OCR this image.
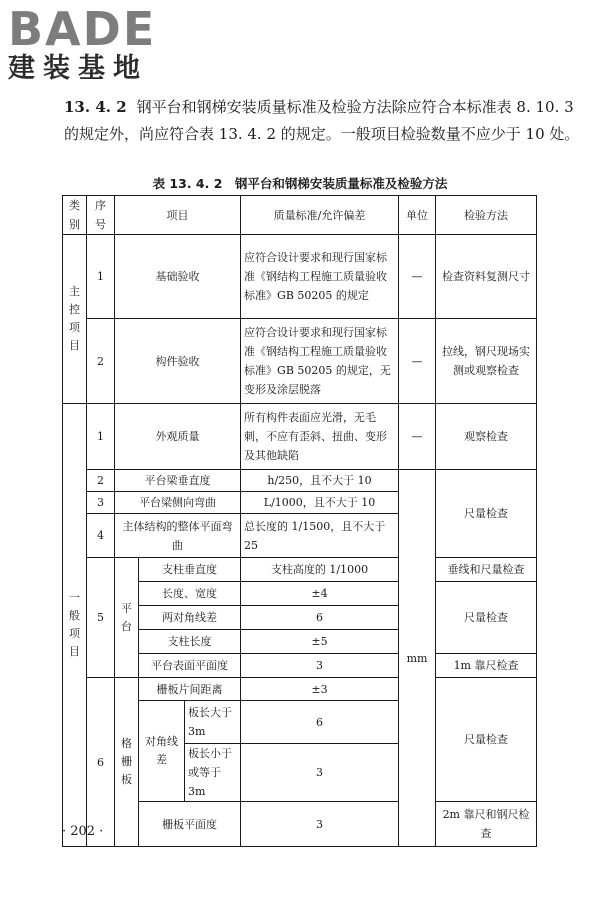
BADE
建装基地

13. 4. 2 钢平台和钢梯安装质量标准及检验方法除应符合本标准表 8. 10. 3 的规定外，尚应符合表 13. 4. 2 的规定。一般项目检验数量不应少于 10 处。

表 13. 4. 2　钢平台和钢梯安装质量标准及检验方法
类别	序号	项目			质量标准/允许偏差	单位	检验方法
主控项目	1	基础验收			应符合设计要求和现行国家标准《钢结构工程施工质量验收标准》GB 50205 的规定	—	检查资料复测尺寸
	2	构件验收			应符合设计要求和现行国家标准《钢结构工程施工质量验收标准》GB 50205 的规定，无变形及涂层脱落	—	拉线，钢尺现场实测或观察检查
一般项目	1	外观质量			所有构件表面应光滑，无毛刺，不应有歪斜、扭曲、变形及其他缺陷	—	观察检查
	2	平台梁垂直度			h/250，且不大于 10	mm	尺量检查
	3	平台梁侧向弯曲			L/1000，且不大于 10		
	4	主体结构的整体平面弯曲			总长度的 1/1500，且不大于 25		
	5	平台	支柱垂直度		支柱高度的 1/1000		垂线和尺量检查
			长度、宽度		±4		尺量检查
			两对角线差		6		
			支柱长度		±5		
			平台表面平面度		3		1m 靠尺检查
	6	格栅板	栅板片间距离		±3		尺量检查
			对角线差	板长大于 3m	6		
				板长小于或等于 3m	3		
			栅板平面度		3		2m 靠尺和钢尺检查
· 202 ·
